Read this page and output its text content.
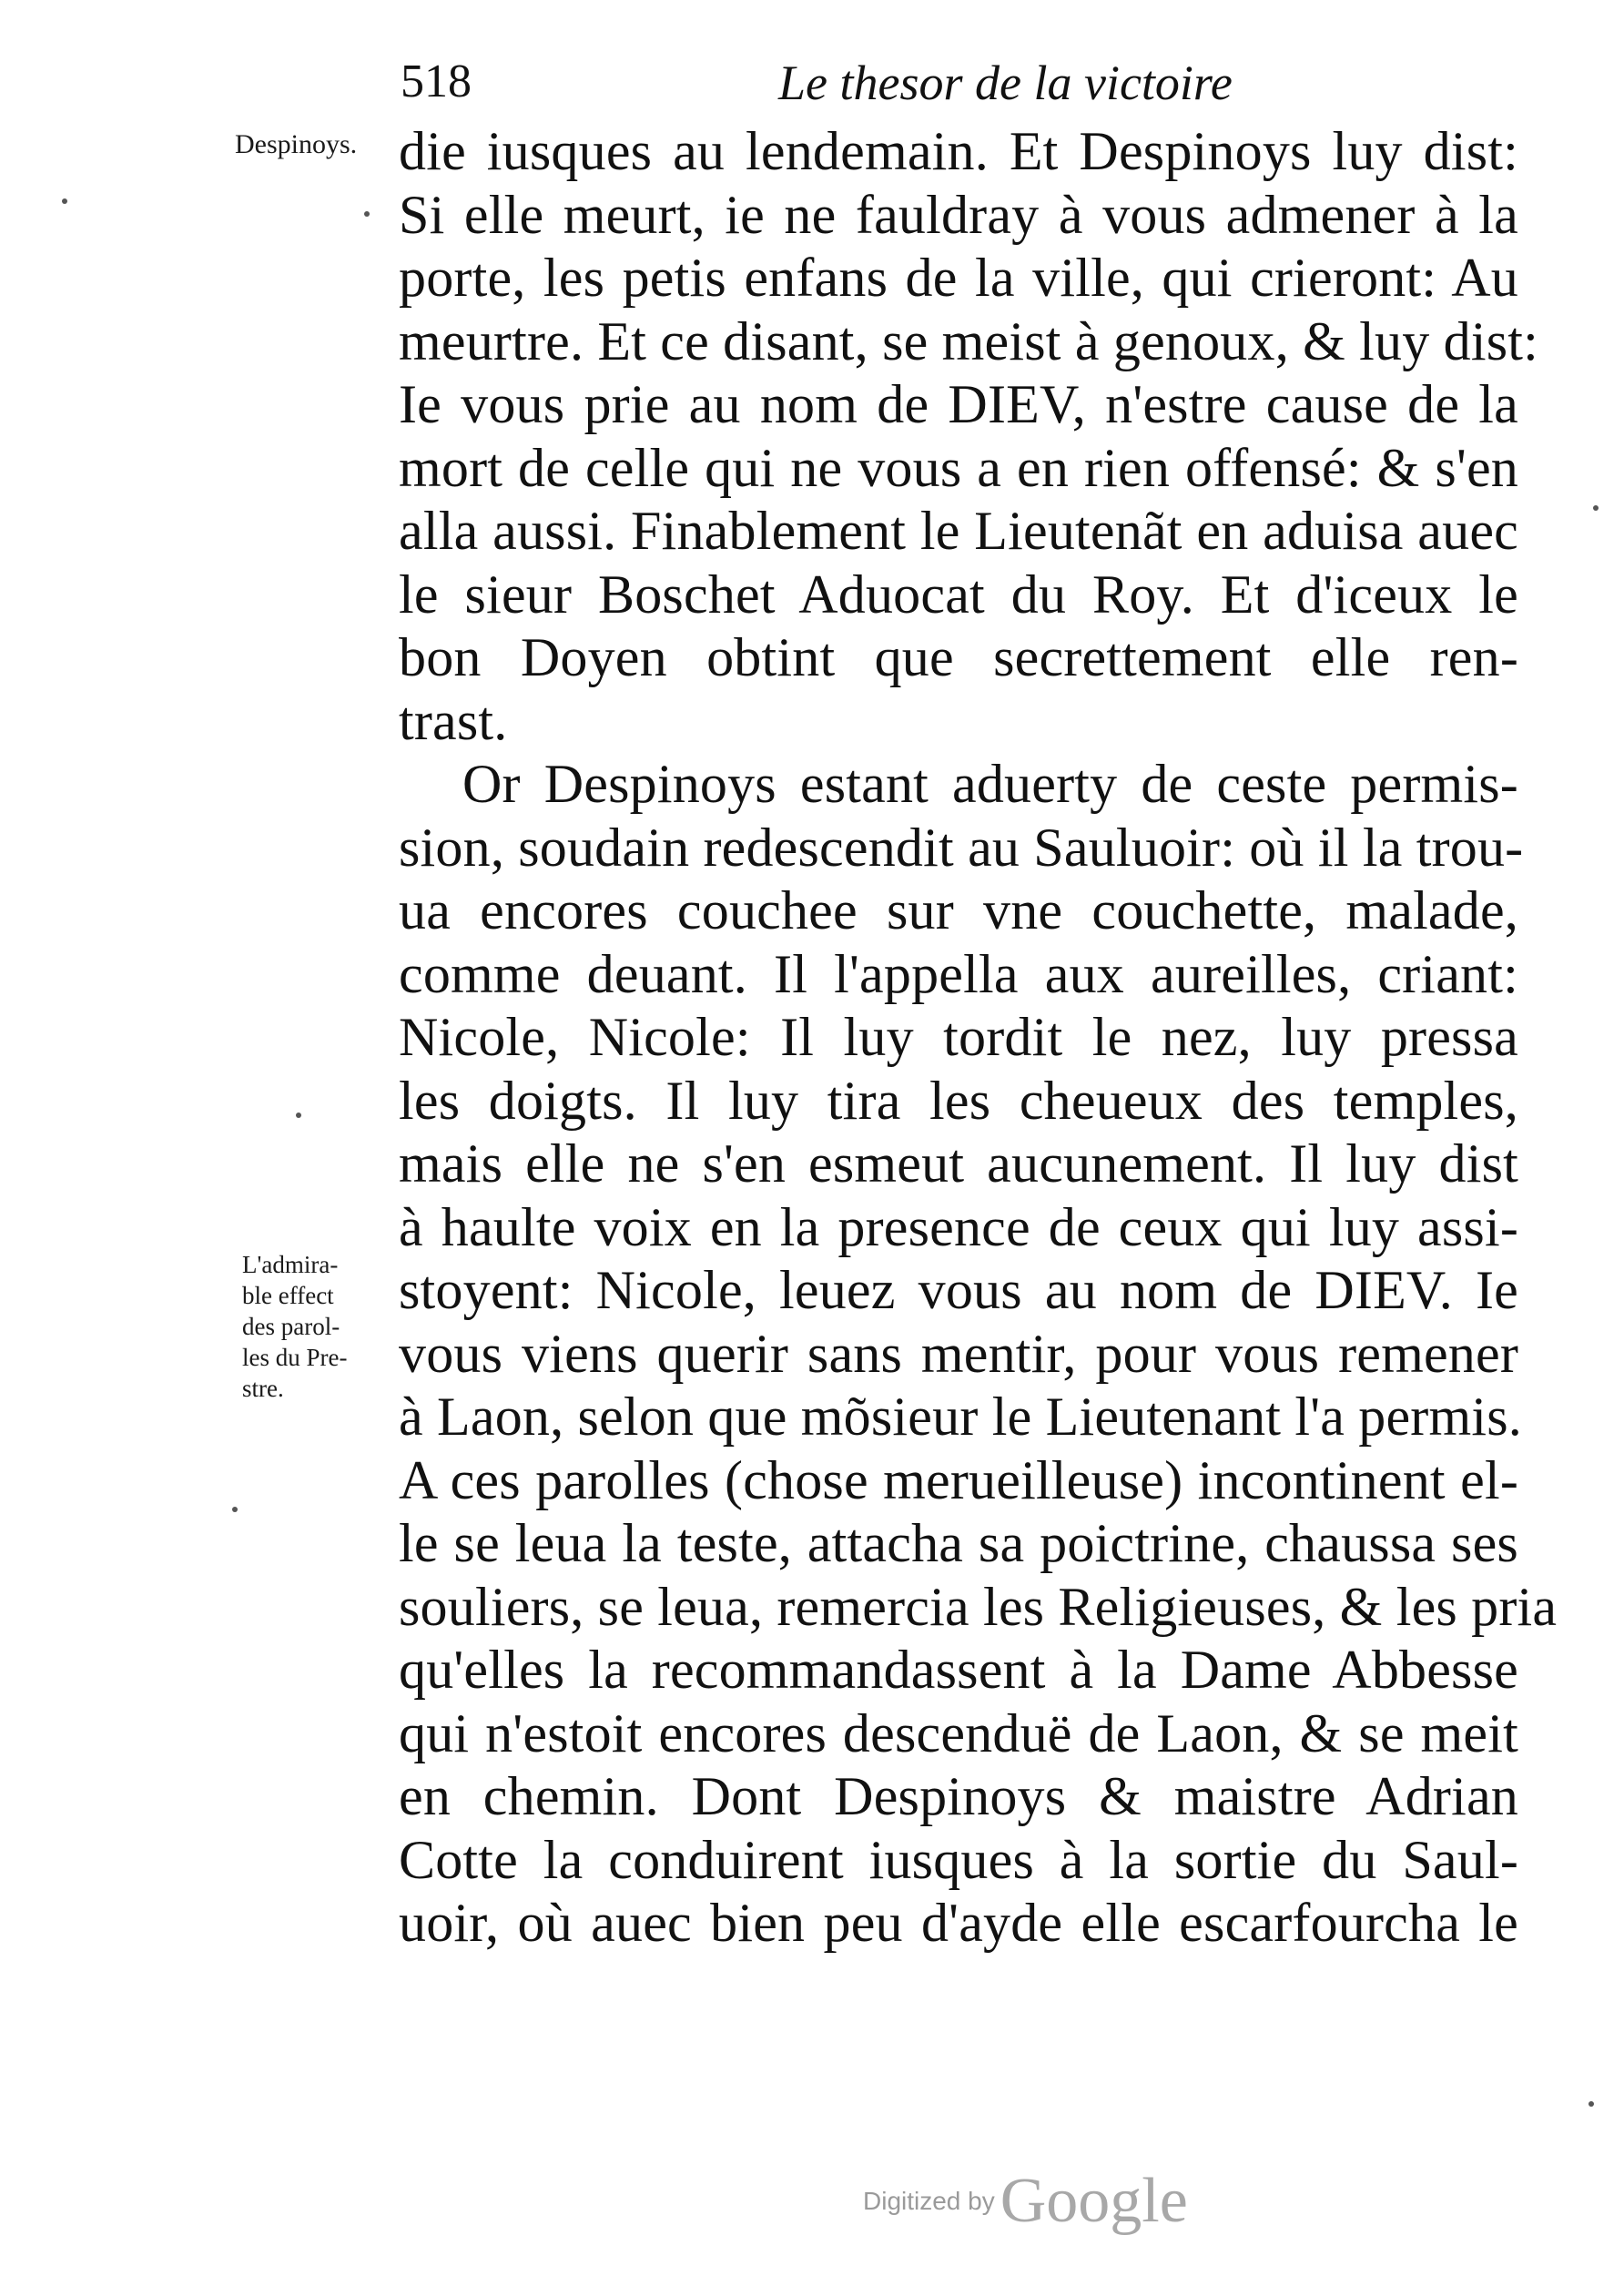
518	Le thesor de la victoire
Despinoys.
L'admira-
ble effect
des parol-
les du Pre-
stre.
die iusques au lendemain. Et Despinoys luy dist:
Si elle meurt, ie ne fauldray à vous admener à la
porte, les petis enfans de la ville, qui crieront: Au
meurtre. Et ce disant, se meist à genoux, & luy dist:
Ie vous prie au nom de DIEV, n'estre cause de la
mort de celle qui ne vous a en rien offensé: & s'en
alla aussi. Finablement le Lieutenãt en aduisa auec
le sieur Boschet Aduocat du Roy. Et d'iceux le
bon Doyen obtint que secrettement elle ren-
trast.
Or Despinoys estant aduerty de ceste permis-
sion, soudain redescendit au Sauluoir: où il la trou-
ua encores couchee sur vne couchette, malade,
comme deuant. Il l'appella aux aureilles, criant:
Nicole, Nicole: Il luy tordit le nez, luy pressa
les doigts. Il luy tira les cheueux des temples,
mais elle ne s'en esmeut aucunement. Il luy dist
à haulte voix en la presence de ceux qui luy assi-
stoyent: Nicole, leuez vous au nom de DIEV. Ie
vous viens querir sans mentir, pour vous remener
à Laon, selon que mõsieur le Lieutenant l'a permis.
A ces parolles (chose merueilleuse) incontinent el-
le se leua la teste, attacha sa poictrine, chaussa ses
souliers, se leua, remercia les Religieuses, & les pria
qu'elles la recommandassent à la Dame Abbesse
qui n'estoit encores descenduë de Laon, & se meit
en chemin. Dont Despinoys & maistre Adrian
Cotte la conduirent iusques à la sortie du Saul-
uoir, où auec bien peu d'ayde elle escarfourcha le
Digitized byGoogle
